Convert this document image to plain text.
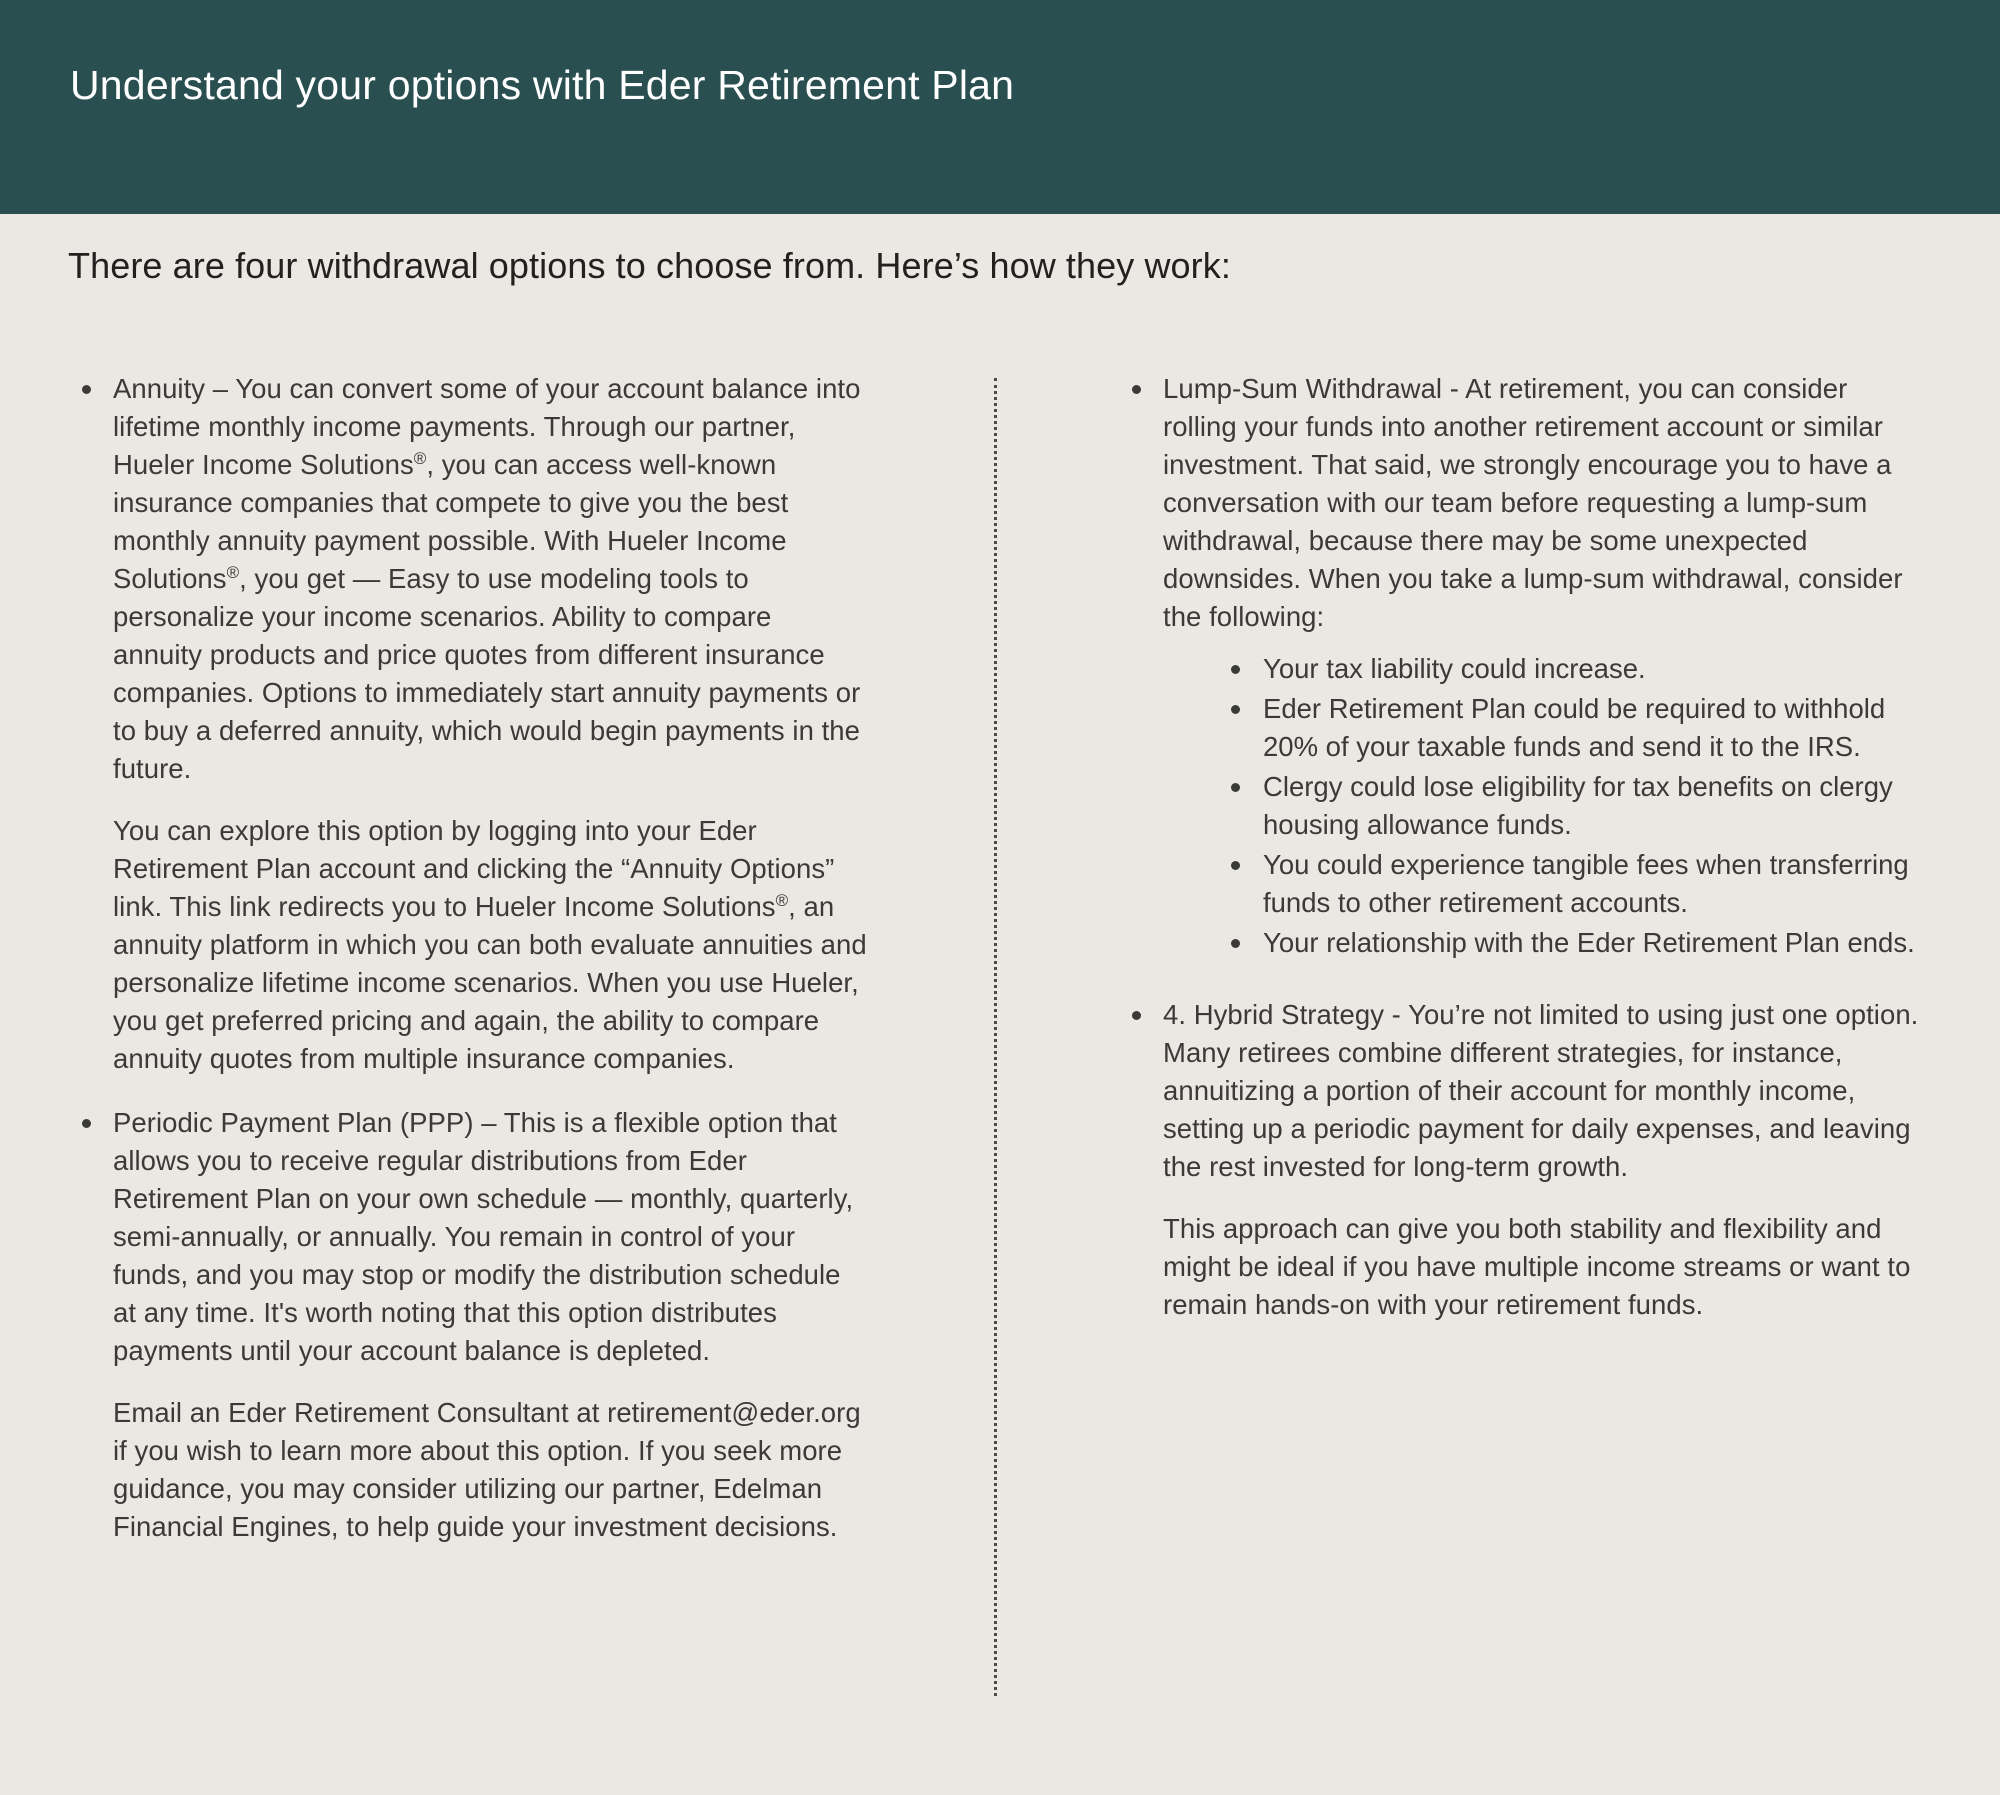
Understand your options with Eder Retirement Plan
There are four withdrawal options to choose from. Here’s how they work:

Annuity – You can convert some of your account balance into lifetime monthly income payments. Through our partner, Hueler Income Solutions®, you can access well-known insurance companies that compete to give you the best monthly annuity payment possible. With Hueler Income Solutions®, you get — Easy to use modeling tools to personalize your income scenarios. Ability to compare annuity products and price quotes from different insurance companies. Options to immediately start annuity payments or to buy a deferred annuity, which would begin payments in the future.

You can explore this option by logging into your Eder Retirement Plan account and clicking the “Annuity Options” link. This link redirects you to Hueler Income Solutions®, an annuity platform in which you can both evaluate annuities and personalize lifetime income scenarios. When you use Hueler, you get preferred pricing and again, the ability to compare annuity quotes from multiple insurance companies.

Periodic Payment Plan (PPP) – This is a flexible option that allows you to receive regular distributions from Eder Retirement Plan on your own schedule — monthly, quarterly, semi-annually, or annually. You remain in control of your funds, and you may stop or modify the distribution schedule at any time. It's worth noting that this option distributes payments until your account balance is depleted.

Email an Eder Retirement Consultant at retirement@eder.org if you wish to learn more about this option. If you seek more guidance, you may consider utilizing our partner, Edelman Financial Engines, to help guide your investment decisions.

Lump-Sum Withdrawal - At retirement, you can consider rolling your funds into another retirement account or similar investment. That said, we strongly encourage you to have a conversation with our team before requesting a lump-sum withdrawal, because there may be some unexpected downsides. When you take a lump-sum withdrawal, consider the following:

Your tax liability could increase.
Eder Retirement Plan could be required to withhold 20% of your taxable funds and send it to the IRS.
Clergy could lose eligibility for tax benefits on clergy housing allowance funds.
You could experience tangible fees when transferring funds to other retirement accounts.
Your relationship with the Eder Retirement Plan ends.

4. Hybrid Strategy - You’re not limited to using just one option. Many retirees combine different strategies, for instance, annuitizing a portion of their account for monthly income, setting up a periodic payment for daily expenses, and leaving the rest invested for long-term growth.

This approach can give you both stability and flexibility and might be ideal if you have multiple income streams or want to remain hands-on with your retirement funds.
